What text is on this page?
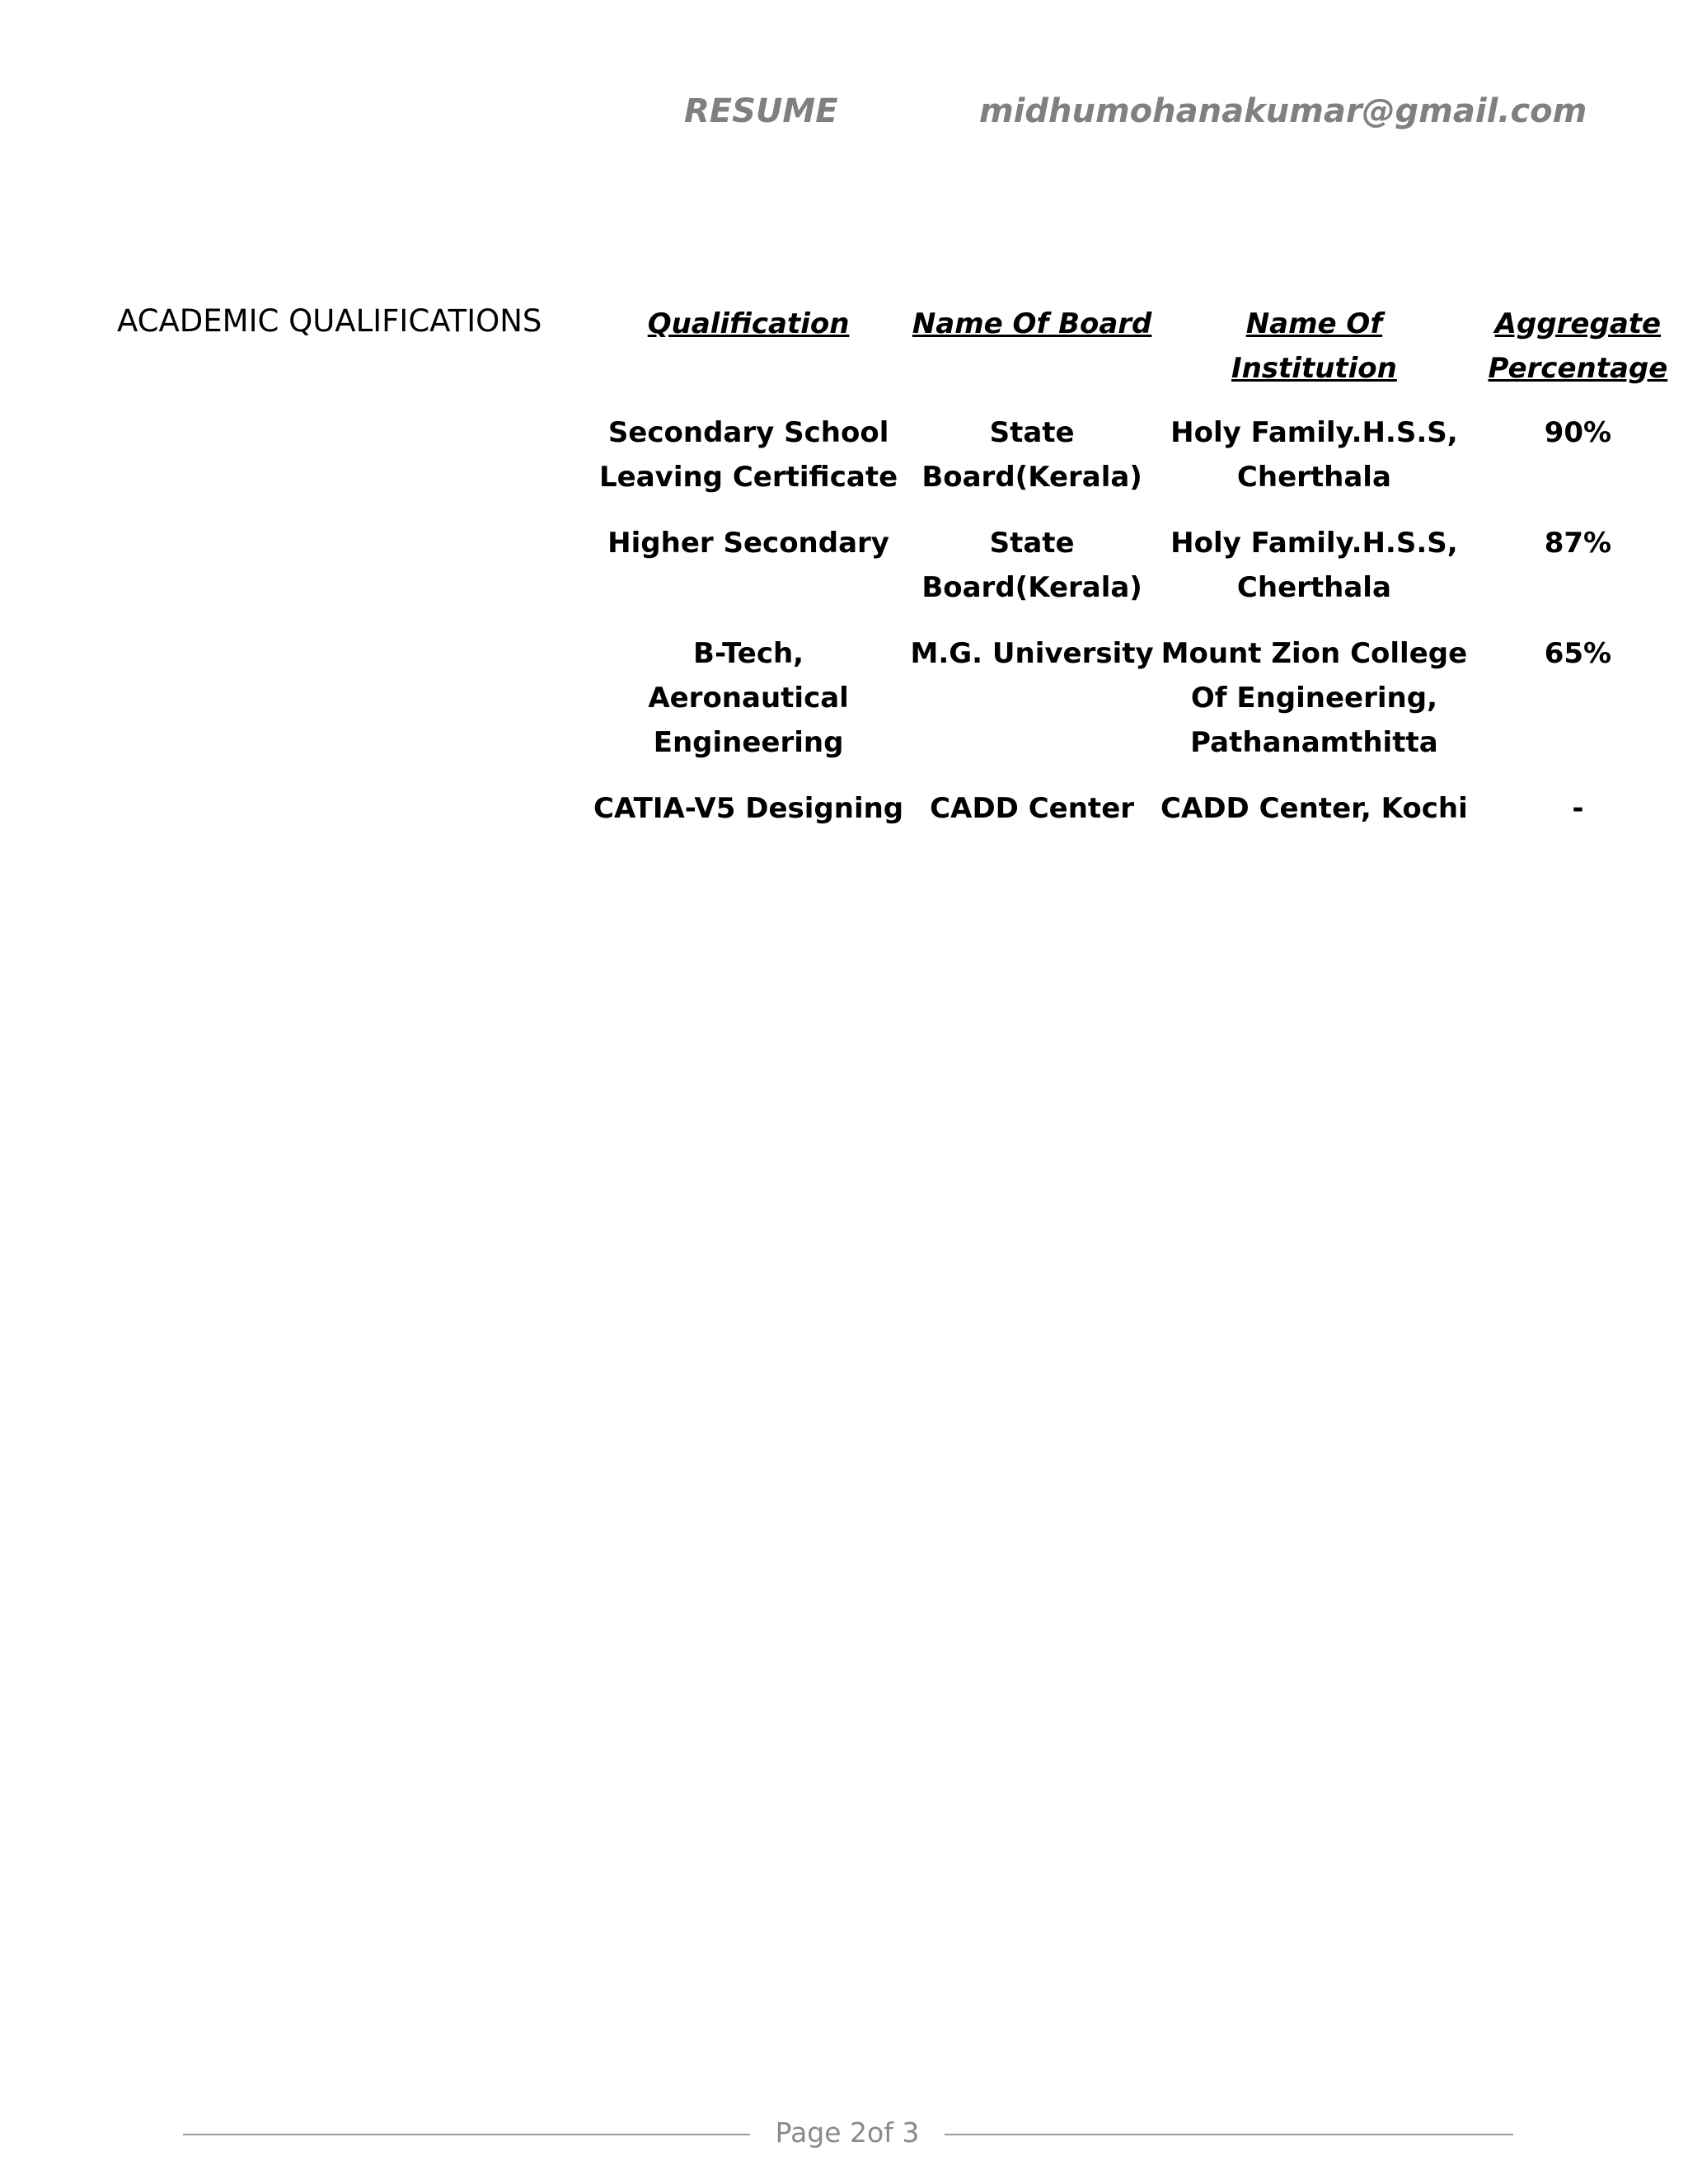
RESUME	midhumohanakumar@gmail.com
ACADEMIC QUALIFICATIONS	Qualification	Name Of Board	Name Of Institution	Aggregate Percentage
Secondary School Leaving Certificate	State Board(Kerala)	Holy Family.H.S.S, Cherthala	90%
Higher Secondary	State Board(Kerala)	Holy Family.H.S.S, Cherthala	87%
B-Tech, Aeronautical Engineering	M.G. University	Mount Zion College Of Engineering, Pathanamthitta	65%
CATIA-V5 Designing	CADD Center	CADD Center, Kochi	-
Page 2of 3
